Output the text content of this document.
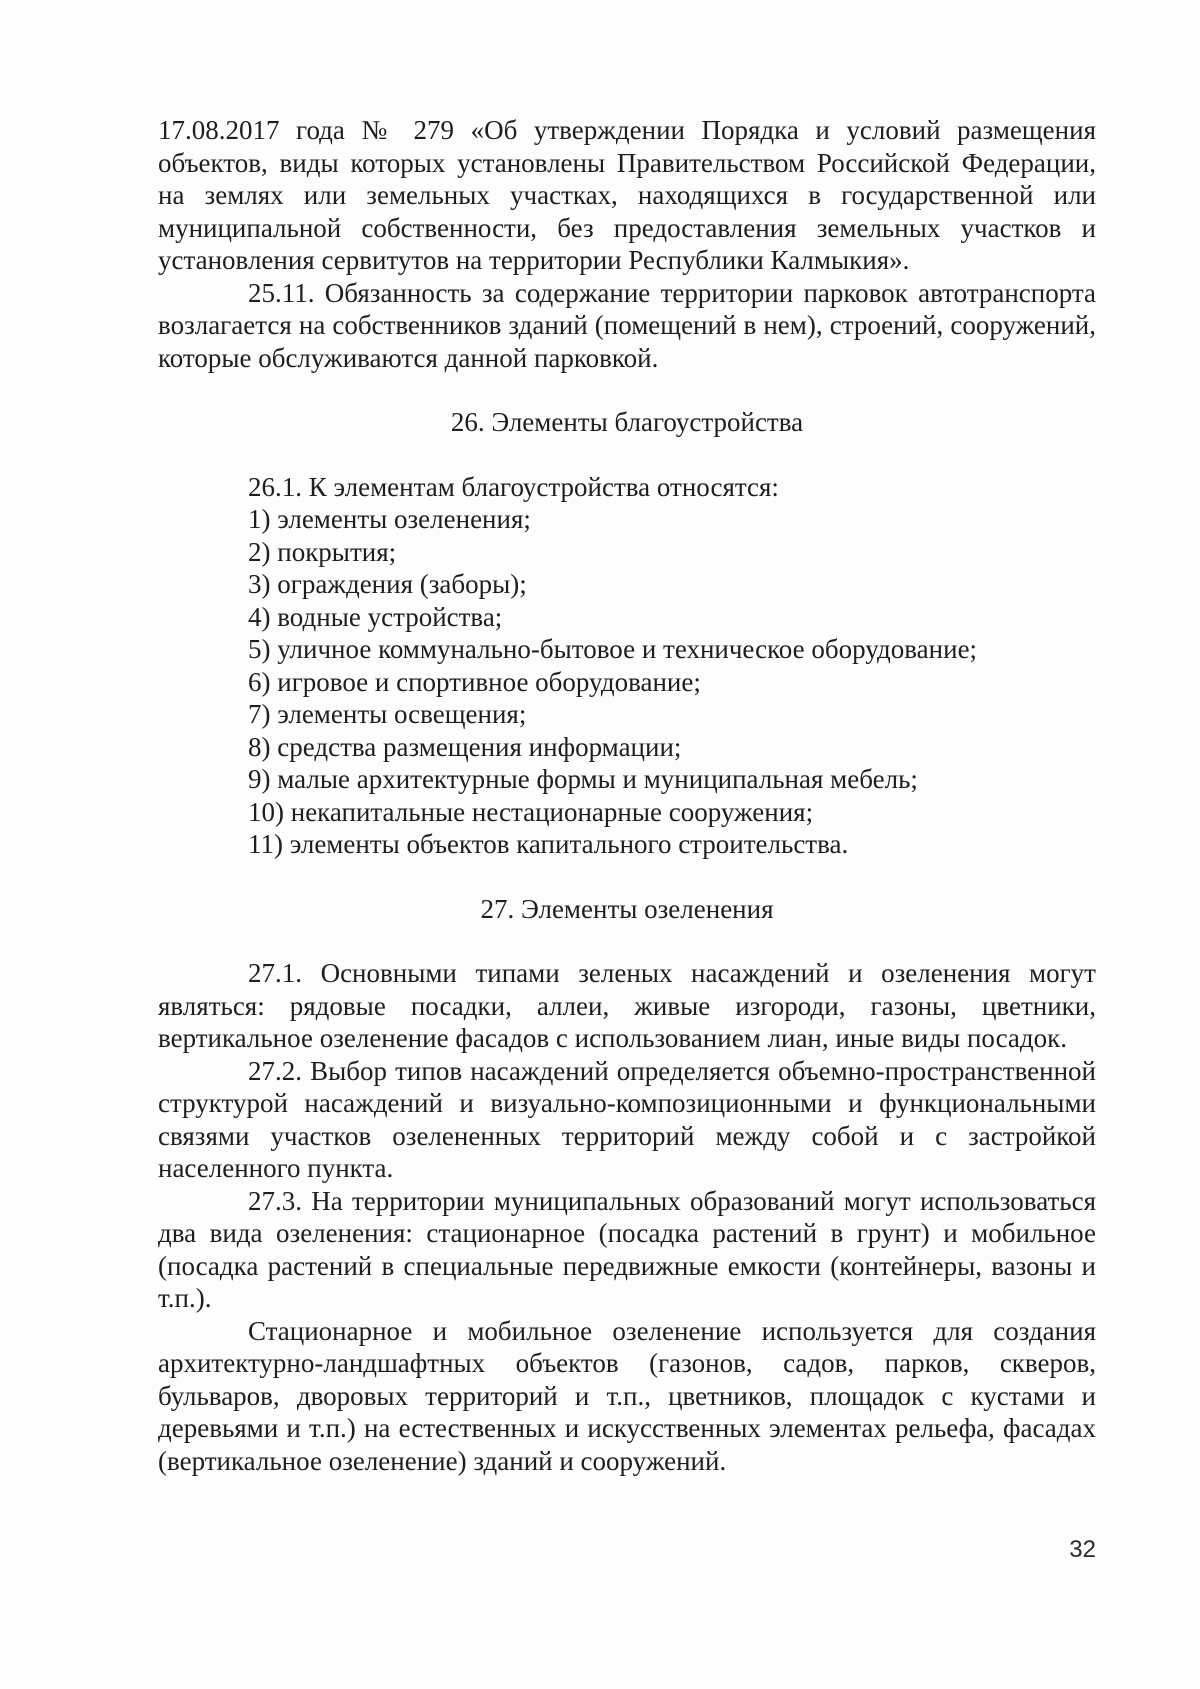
17.08.2017 года № 279 «Об утверждении Порядка и условий размещения объектов, виды которых установлены Правительством Российской Федерации, на землях или земельных участках, находящихся в государственной или муниципальной собственности, без предоставления земельных участков и установления сервитутов на территории Республики Калмыкия».

25.11. Обязанность за содержание территории парковок автотранспорта возлагается на собственников зданий (помещений в нем), строений, сооружений, которые обслуживаются данной парковкой.

26. Элементы благоустройства

26.1. К элементам благоустройства относятся:

1) элементы озеленения;

2) покрытия;

3) ограждения (заборы);

4) водные устройства;

5) уличное коммунально-бытовое и техническое оборудование;

6) игровое и спортивное оборудование;

7) элементы освещения;

8) средства размещения информации;

9) малые архитектурные формы и муниципальная мебель;

10) некапитальные нестационарные сооружения;

11) элементы объектов капитального строительства.

27. Элементы озеленения

27.1. Основными типами зеленых насаждений и озеленения могут являться: рядовые посадки, аллеи, живые изгороди, газоны, цветники, вертикальное озеленение фасадов с использованием лиан, иные виды посадок.

27.2. Выбор типов насаждений определяется объемно-пространственной структурой насаждений и визуально-композиционными и функциональными связями участков озелененных территорий между собой и с застройкой населенного пункта.

27.3. На территории муниципальных образований могут использоваться два вида озеленения: стационарное (посадка растений в грунт) и мобильное (посадка растений в специальные передвижные емкости (контейнеры, вазоны и т.п.).

Стационарное и мобильное озеленение используется для создания архитектурно-ландшафтных объектов (газонов, садов, парков, скверов, бульваров, дворовых территорий и т.п., цветников, площадок с кустами и деревьями и т.п.) на естественных и искусственных элементах рельефа, фасадах (вертикальное озеленение) зданий и сооружений.

32
